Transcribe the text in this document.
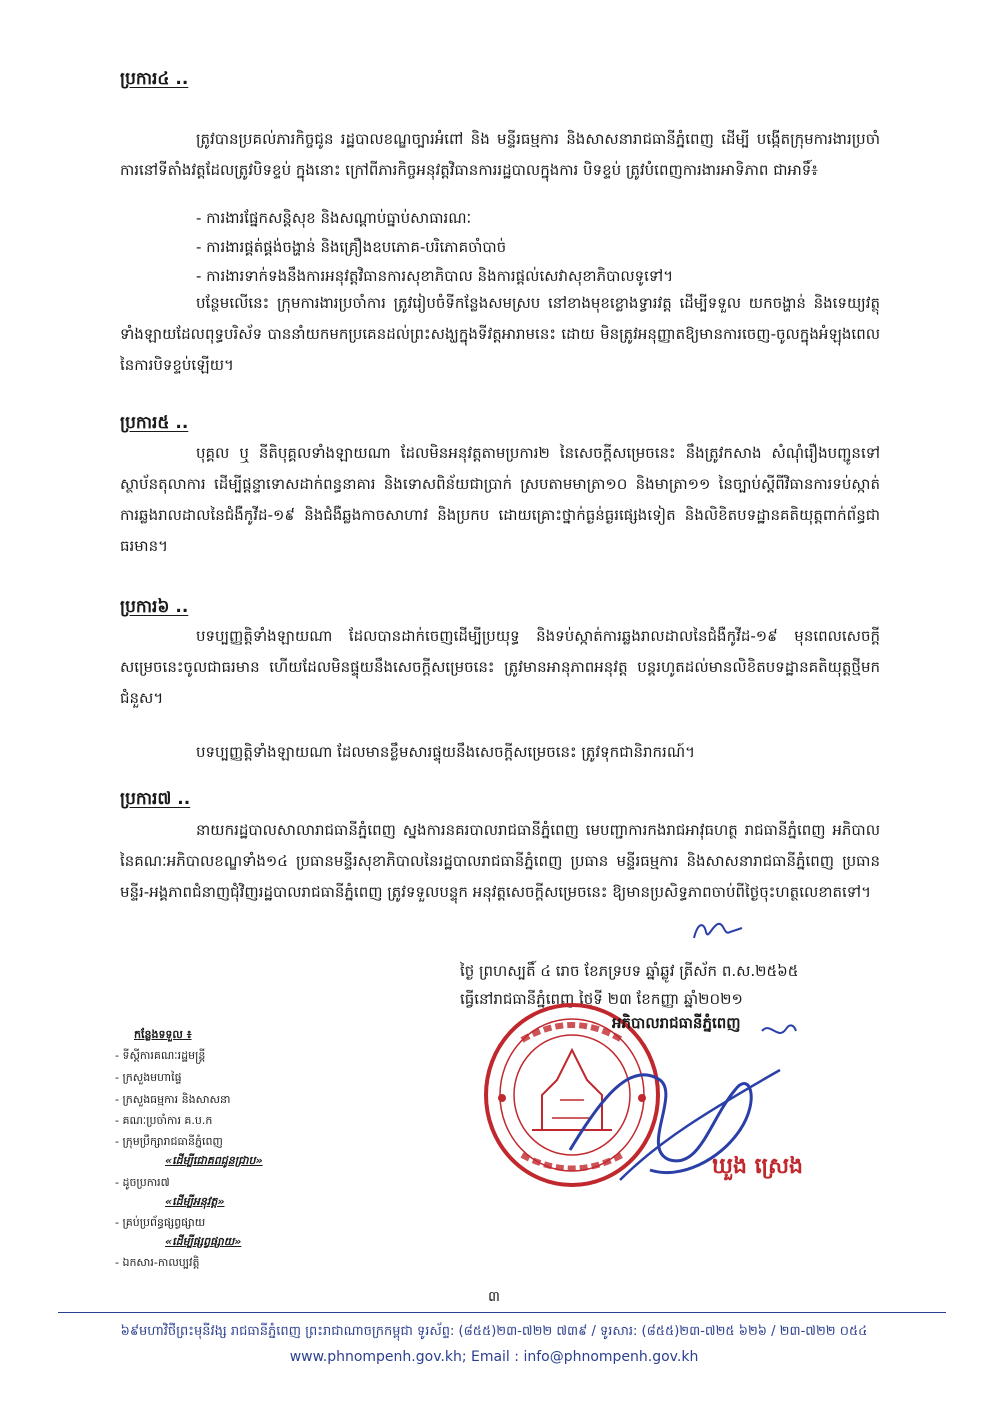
ប្រការ៤ ..
ត្រូវបានប្រគល់ភារកិច្ចជូន រដ្ឋបាលខណ្ឌច្បារអំពៅ និង មន្ទីរធម្មការ និងសាសនារាជធានីភ្នំពេញ ដើម្បី បង្កើតក្រុមការងារប្រចាំការនៅទីតាំងវត្តដែលត្រូវបិទខ្ទប់ ក្នុងនោះ ក្រៅពីភារកិច្ចអនុវត្តវិធានការរដ្ឋបាលក្នុងការ បិទខ្ទប់ ត្រូវបំពេញការងារអាទិភាព ជាអាទិ៍៖
- ការងារផ្នែកសន្តិសុខ និងសណ្តាប់ធ្នាប់សាធារណៈ
- ការងារផ្គត់ផ្គង់ចង្ហាន់ និងគ្រឿងឧបភោគ-បរិភោគចាំបាច់
- ការងារទាក់ទងនឹងការអនុវត្តវិធានការសុខាភិបាល និងការផ្តល់សេវាសុខាភិបាលទូទៅ។
បន្ថែមលើនេះ ក្រុមការងារប្រចាំការ ត្រូវរៀបចំទីកន្លែងសមស្រប នៅខាងមុខខ្លោងទ្វារវត្ត ដើម្បីទទួល យកចង្ហាន់ និងទេយ្យវត្ថុទាំងឡាយដែលពុទ្ធបរិស័ទ បាននាំយកមកប្រគេនដល់ព្រះសង្ឃក្នុងទីវត្តអារាមនេះ ដោយ មិនត្រូវអនុញ្ញាតឱ្យមានការចេញ-ចូលក្នុងអំឡុងពេលនៃការបិទខ្ទប់ឡើយ។
ប្រការ៥ ..
បុគ្គល ឬ នីតិបុគ្គលទាំងឡាយណា ដែលមិនអនុវត្តតាមប្រការ២ នៃសេចក្តីសម្រេចនេះ នឹងត្រូវកសាង សំណុំរឿងបញ្ជូនទៅស្ថាប័នតុលាការ ដើម្បីផ្តន្ទាទោសដាក់ពន្ធនាគារ និងទោសពិន័យជាប្រាក់ ស្របតាមមាត្រា១០ និងមាត្រា១១ នៃច្បាប់ស្តីពីវិធានការទប់ស្កាត់ការឆ្លងរាលដាលនៃជំងឺកូវីដ-១៩ និងជំងឺឆ្លងកាចសាហាវ និងប្រកប ដោយគ្រោះថ្នាក់ធ្ងន់ធ្ងរផ្សេងទៀត និងលិខិតបទដ្ឋានគតិយុត្តពាក់ព័ន្ធជាធរមាន។
ប្រការ៦ ..
បទប្បញ្ញត្តិទាំងឡាយណា ដែលបានដាក់ចេញដើម្បីប្រយុទ្ធ និងទប់ស្កាត់ការឆ្លងរាលដាលនៃជំងឺកូវីដ-១៩ មុនពេលសេចក្តីសម្រេចនេះចូលជាធរមាន ហើយដែលមិនផ្ទុយនឹងសេចក្តីសម្រេចនេះ ត្រូវមានអានុភាពអនុវត្ត បន្តរហូតដល់មានលិខិតបទដ្ឋានគតិយុត្តថ្មីមកជំនួស។
បទប្បញ្ញត្តិទាំងឡាយណា ដែលមានខ្លឹមសារផ្ទុយនឹងសេចក្តីសម្រេចនេះ ត្រូវទុកជានិរាករណ៍។
ប្រការ៧ ..
នាយករដ្ឋបាលសាលារាជធានីភ្នំពេញ ស្នងការនគរបាលរាជធានីភ្នំពេញ មេបញ្ជាការកងរាជអាវុធហត្ថ រាជធានីភ្នំពេញ អភិបាល នៃគណៈអភិបាលខណ្ឌទាំង១៤ ប្រធានមន្ទីរសុខាភិបាលនៃរដ្ឋបាលរាជធានីភ្នំពេញ ប្រធាន មន្ទីរធម្មការ និងសាសនារាជធានីភ្នំពេញ ប្រធានមន្ទីរ-អង្គភាពជំនាញជុំវិញរដ្ឋបាលរាជធានីភ្នំពេញ ត្រូវទទួលបន្ទុក អនុវត្តសេចក្តីសម្រេចនេះ ឱ្យមានប្រសិទ្ធភាពចាប់ពីថ្ងៃចុះហត្ថលេខាតទៅ។
ថ្ងៃ ព្រហស្បតិ៍ ៤ រោច ខែភទ្របទ ឆ្នាំឆ្លូវ ត្រីស័ក ព.ស.២៥៦៥
ធ្វើនៅរាជធានីភ្នំពេញ ថ្ងៃទី ២៣ ខែកញ្ញា ឆ្នាំ២០២១
អភិបាលរាជធានីភ្នំពេញ
កន្លែងទទួល ៖
- ទីស្តីការគណៈរដ្ឋមន្ត្រី
- ក្រសួងមហាផ្ទៃ
- ក្រសួងធម្មការ និងសាសនា
- គណៈប្រចាំការ គ.ប.ក
- ក្រុមប្រឹក្សារាជធានីភ្នំពេញ
«ដើម្បីជោគពជូនជ្រាប»
- ដូចប្រការ៧
«ដើម្បីអនុវត្ត»
- គ្រប់ប្រព័ន្ធផ្សព្វផ្សាយ
«ដើម្បីផ្សព្វផ្សាយ»
- ឯកសារ-កាលប្បវត្តិ
ឃួង ស្រេង
៣
៦៩មហាវិថីព្រះមុនីវង្ស រាជធានីភ្នំពេញ ព្រះរាជាណាចក្រកម្ពុជា ទូរស័ព្ទ: (៨៥៥)២៣-៧២២ ៧៣៩ / ទូរសារ: (៨៥៥)២៣-៧២៥ ៦២៦ / ២៣-៧២២ ០៥៤
www.phnompenh.gov.kh; Email : info@phnompenh.gov.kh
